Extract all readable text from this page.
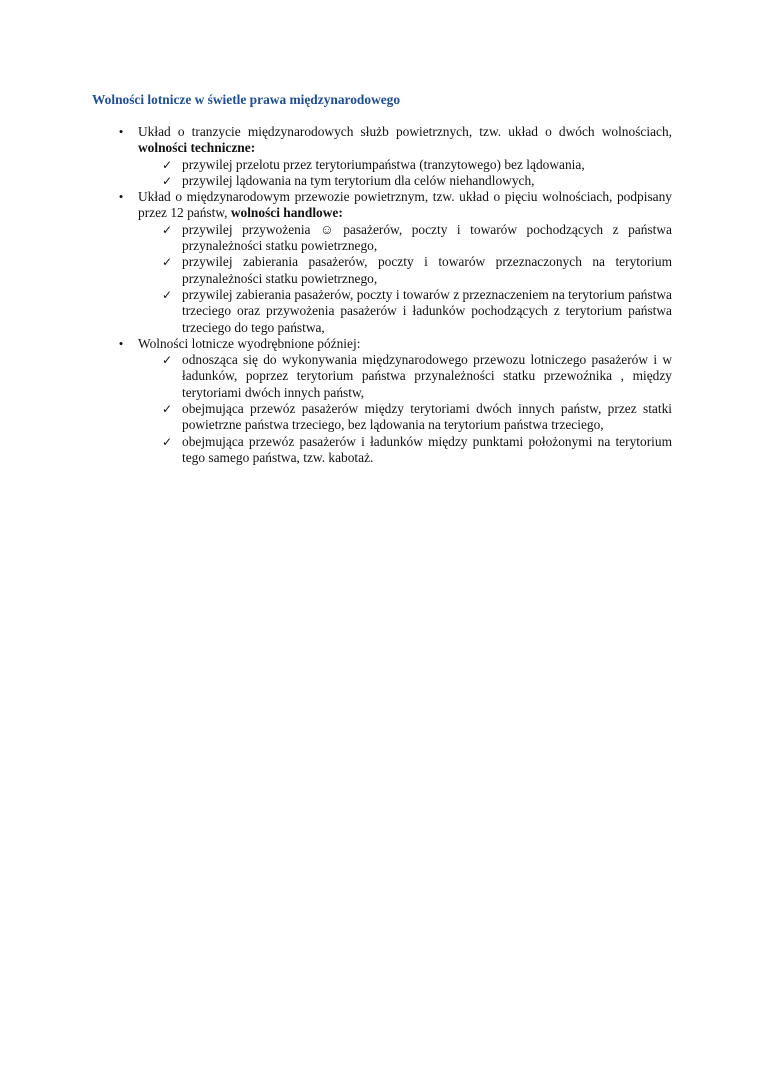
Wolności lotnicze w świetle prawa międzynarodowego
•	Układ o tranzycie międzynarodowych służb powietrznych, tzw. układ o dwóch wolnościach, wolności techniczne:
✓ przywilej przelotu przez terytoriumpaństwa (tranzytowego) bez lądowania,
✓ przywilej lądowania na tym terytorium dla celów niehandlowych,
•	Układ o międzynarodowym przewozie powietrznym, tzw. układ o pięciu wolnościach, podpisany przez 12 państw, wolności handlowe:
✓ przywilej przywożenia ☺ pasażerów, poczty i towarów pochodzących z państwa przynależności statku powietrznego,
✓ przywilej zabierania pasażerów, poczty i towarów przeznaczonych na terytorium przynależności statku powietrznego,
✓ przywilej zabierania pasażerów, poczty i towarów z przeznaczeniem na terytorium państwa trzeciego oraz przywożenia pasażerów i ładunków pochodzących z terytorium państwa trzeciego do tego państwa,
•	Wolności lotnicze wyodrębnione później:
✓ odnosząca się do wykonywania międzynarodowego przewozu lotniczego pasażerów i w ładunków, poprzez terytorium państwa przynależności statku przewoźnika , między terytoriami dwóch innych państw,
✓ obejmująca przewóz pasażerów między terytoriami dwóch innych państw, przez statki powietrzne państwa trzeciego, bez lądowania na terytorium państwa trzeciego,
✓ obejmująca przewóz pasażerów i ładunków między punktami położonymi na terytorium tego samego państwa, tzw. kabotaż.
